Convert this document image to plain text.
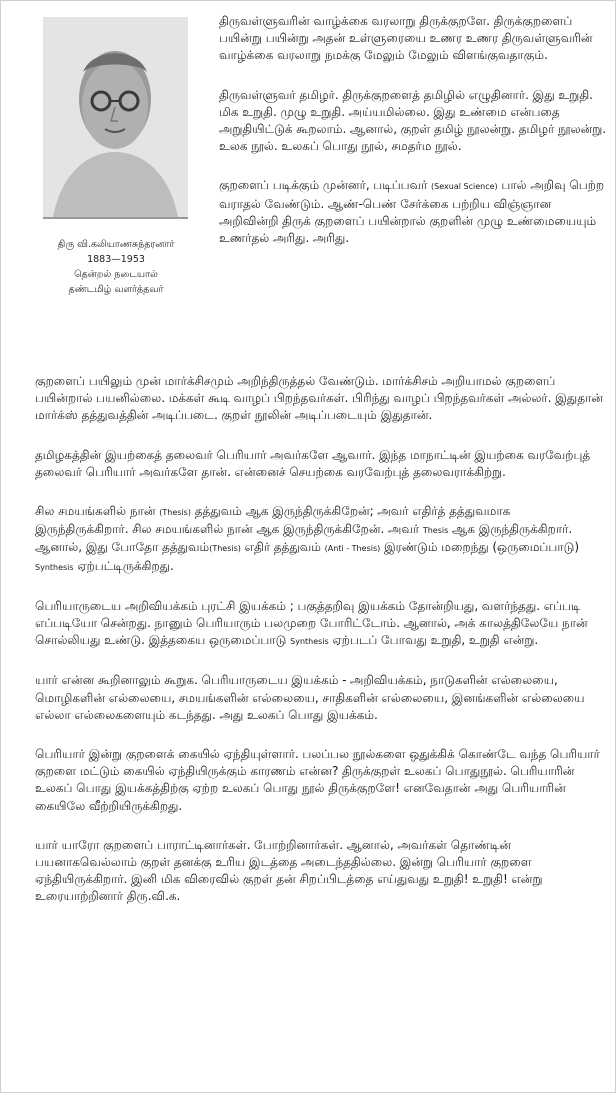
திரு வி.கலியாணசுந்தரனார்
1883—1953
தென்றல் நடையால்
தண்டமிழ் வளர்த்தவர்

திருவள்ளுவரின் வாழ்க்கை வரலாறு திருக்குறளே. திருக்குறளைப் பயின்று பயின்று அதன் உள்ளுரையை உணர உணர திருவள்ளுவரின் வாழ்க்கை வரலாறு நமக்கு மேலும் மேலும் விளங்குவதாகும்.

திருவள்ளுவர் தமிழர். திருக்குறளைத் தமிழில் எழுதினார். இது உறுதி. மிக உறுதி. முழு உறுதி. அய்யமில்லை. இது உண்மை என்பதை அறுதியிட்டுக் கூறலாம். ஆனால், குறள் தமிழ் நூலன்று. தமிழர் நூலன்று. உலக நூல். உலகப் பொது நூல், சமதர்ம நூல்.

குறளைப் படிக்கும் முன்னர், படிப்பவர் (Sexual Science) பால் அறிவு பெற்ற வராதல் வேண்டும். ஆண்-பெண் சேர்க்கை பற்றிய விஞ்ஞான அறிவின்றி திருக் குறளைப் பயின்றால் குறளின் முழு உண்மையையும் உணர்தல் அரிது. அரிது.

குறளைப் பயிலும் முன் மார்க்சிசமும் அறிந்திருத்தல் வேண்டும். மார்க்சிசம் அறியாமல் குறளைப் பயின்றால் பயனில்லை. மக்கள் கூடி வாழப் பிறந்தவர்கள். பிரிந்து வாழப் பிறந்தவர்கள் அல்லர். இதுதான் மார்க்ஸ் தத்துவத்தின் அடிப்படை. குறள் நூலின் அடிப்படையும் இதுதான்.

தமிழகத்தின் இயற்கைத் தலைவர் பெரியார் அவர்களே ஆவார். இந்த மாநாட்டின் இயற்கை வரவேற்புத் தலைவர் பெரியார் அவர்களே தான். என்னைச் செயற்கை வரவேற்புத் தலைவராக்கிற்று.

சில சமயங்களில் நான் (Thesis) தத்துவம் ஆக இருந்திருக்கிறேன்; அவர் எதிர்த் தத்துவமாக இருந்திருக்கிறார். சில சமயங்களில் நான் ஆக இருந்திருக்கிறேன். அவர் Thesis ஆக இருந்திருக்கிறார். ஆனால், இது போதோ தத்துவம்(Thesis) எதிர் தத்துவம் (Anti - Thesis) இரண்டும் மறைந்து (ஒருமைப்பாடு) Synthesis ஏற்பட்டிருக்கிறது.

பெரியாருடைய அறிவியக்கம் புரட்சி இயக்கம் ; பகுத்தறிவு இயக்கம் தோன்றியது, வளர்ந்தது. எப்படி எப்படியோ சென்றது. நானும் பெரியாரும் பலமுறை போரிட்டோம். ஆனால், அக் காலத்திலேயே நான் சொல்லியது உண்டு. இத்தகைய ஒருமைப்பாடு Synthesis ஏற்படப் போவது உறுதி, உறுதி என்று.

யார் என்ன கூறினாலும் கூறுக. பெரியாருடைய இயக்கம் - அறிவியக்கம், நாடுகளின் எல்லையை, மொழிகளின் எல்லையை, சமயங்களின் எல்லையை, சாதிகளின் எல்லையை, இனங்களின் எல்லையை எல்லா எல்லைகளையும் கடந்தது. அது உலகப் பொது இயக்கம்.

பெரியார் இன்று குறளைக் கையில் ஏந்தியுள்ளார். பலப்பல நூல்களை ஒதுக்கிக் கொண்டே வந்த பெரியார் குறளை மட்டும் கையில் ஏந்தியிருக்கும் காரணம் என்ன? திருக்குறள் உலகப் பொதுநூல். பெரியாரின் உலகப் பொது இயக்கத்திற்கு ஏற்ற உலகப் பொது நூல் திருக்குறளே! எனவேதான் அது பெரியாரின் கையிலே வீற்றியிருக்கிறது.

யார் யாரோ குறளைப் பாராட்டினார்கள். போற்றினார்கள். ஆனால், அவர்கள் தொண்டின் பயனாகவெல்லாம் குறள் தனக்கு உரிய இடத்தை அடைந்ததில்லை. இன்று பெரியார் குறளை ஏந்தியிருக்கிறார். இனி மிக விரைவில் குறள் தன் சிறப்பிடத்தை எய்துவது உறுதி! உறுதி! என்று உரையாற்றினார் திரு.வி.க.
